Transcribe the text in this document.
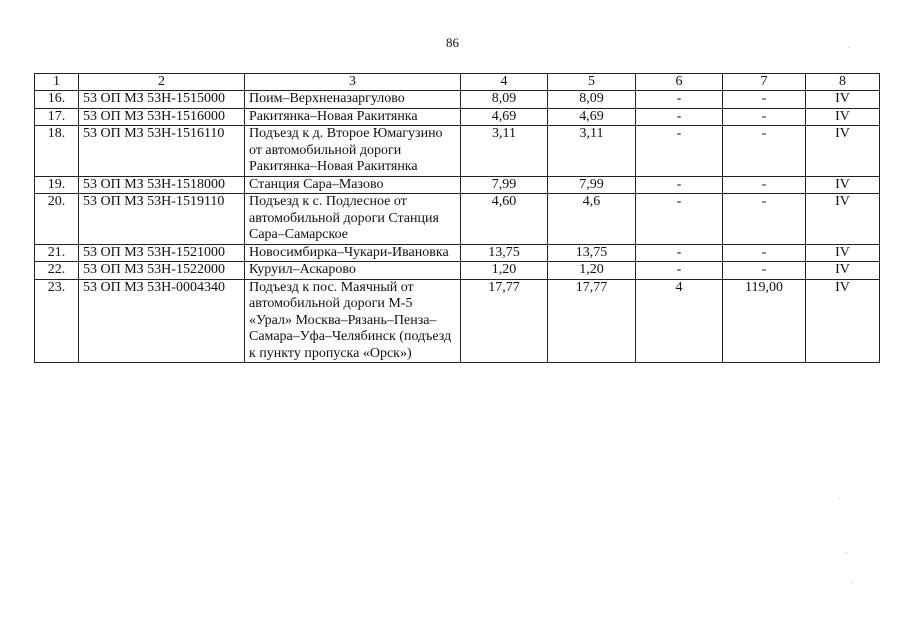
86
1	2	3	4	5	6	7	8
16.	53 ОП МЗ 53Н-1515000	Поим–Верхненазаргулово	8,09	8,09	-	-	IV
17.	53 ОП МЗ 53Н-1516000	Ракитянка–Новая Ракитянка	4,69	4,69	-	-	IV
18.	53 ОП МЗ 53Н-1516110	Подъезд к д. Второе Юмагузино от автомобильной дороги Ракитянка–Новая Ракитянка	3,11	3,11	-	-	IV
19.	53 ОП МЗ 53Н-1518000	Станция Сара–Мазово	7,99	7,99	-	-	IV
20.	53 ОП МЗ 53Н-1519110	Подъезд к с. Подлесное от автомобильной дороги Станция Сара–Самарское	4,60	4,6	-	-	IV
21.	53 ОП МЗ 53Н-1521000	Новосимбирка–Чукари-Ивановка	13,75	13,75	-	-	IV
22.	53 ОП МЗ 53Н-1522000	Куруил–Аскарово	1,20	1,20	-	-	IV
23.	53 ОП МЗ 53Н-0004340	Подъезд к пос. Маячный от автомобильной дороги М-5 «Урал» Москва–Рязань–Пенза–Самара–Уфа–Челябинск (подъезд к пункту пропуска «Орск»)	17,77	17,77	4	119,00	IV
